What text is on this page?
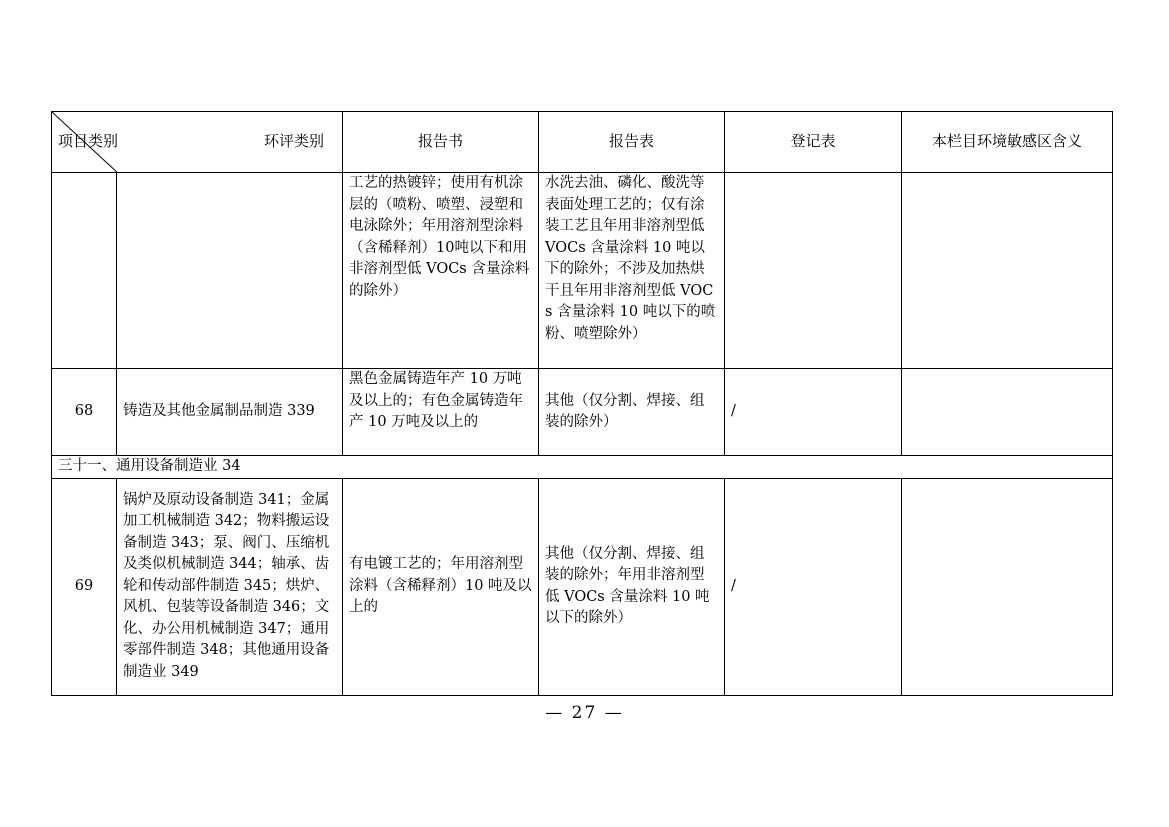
项目类别 环评类别		报告书	报告表	登记表	本栏目环境敏感区含义
		工艺的热镀锌；使用有机涂层的（喷粉、喷塑、浸塑和电泳除外；年用溶剂型涂料（含稀释剂）10吨以下和用非溶剂型低 VOCs 含量涂料的除外）	水洗去油、磷化、酸洗等表面处理工艺的；仅有涂装工艺且年用非溶剂型低 VOCs 含量涂料 10 吨以下的除外；不涉及加热烘干且年用非溶剂型低 VOCs 含量涂料 10 吨以下的喷粉、喷塑除外）		
68	铸造及其他金属制品制造 339	黑色金属铸造年产 10 万吨及以上的；有色金属铸造年产 10 万吨及以上的	其他（仅分割、焊接、组装的除外）	/	
三十一、通用设备制造业 34					
69	锅炉及原动设备制造 341；金属加工机械制造 342；物料搬运设备制造 343；泵、阀门、压缩机及类似机械制造 344；轴承、齿轮和传动部件制造 345；烘炉、风机、包装等设备制造 346；文化、办公用机械制造 347；通用零部件制造 348；其他通用设备制造业 349	有电镀工艺的；年用溶剂型涂料（含稀释剂）10 吨及以上的	其他（仅分割、焊接、组装的除外；年用非溶剂型低 VOCs 含量涂料 10 吨以下的除外）	/	
— 27 —
